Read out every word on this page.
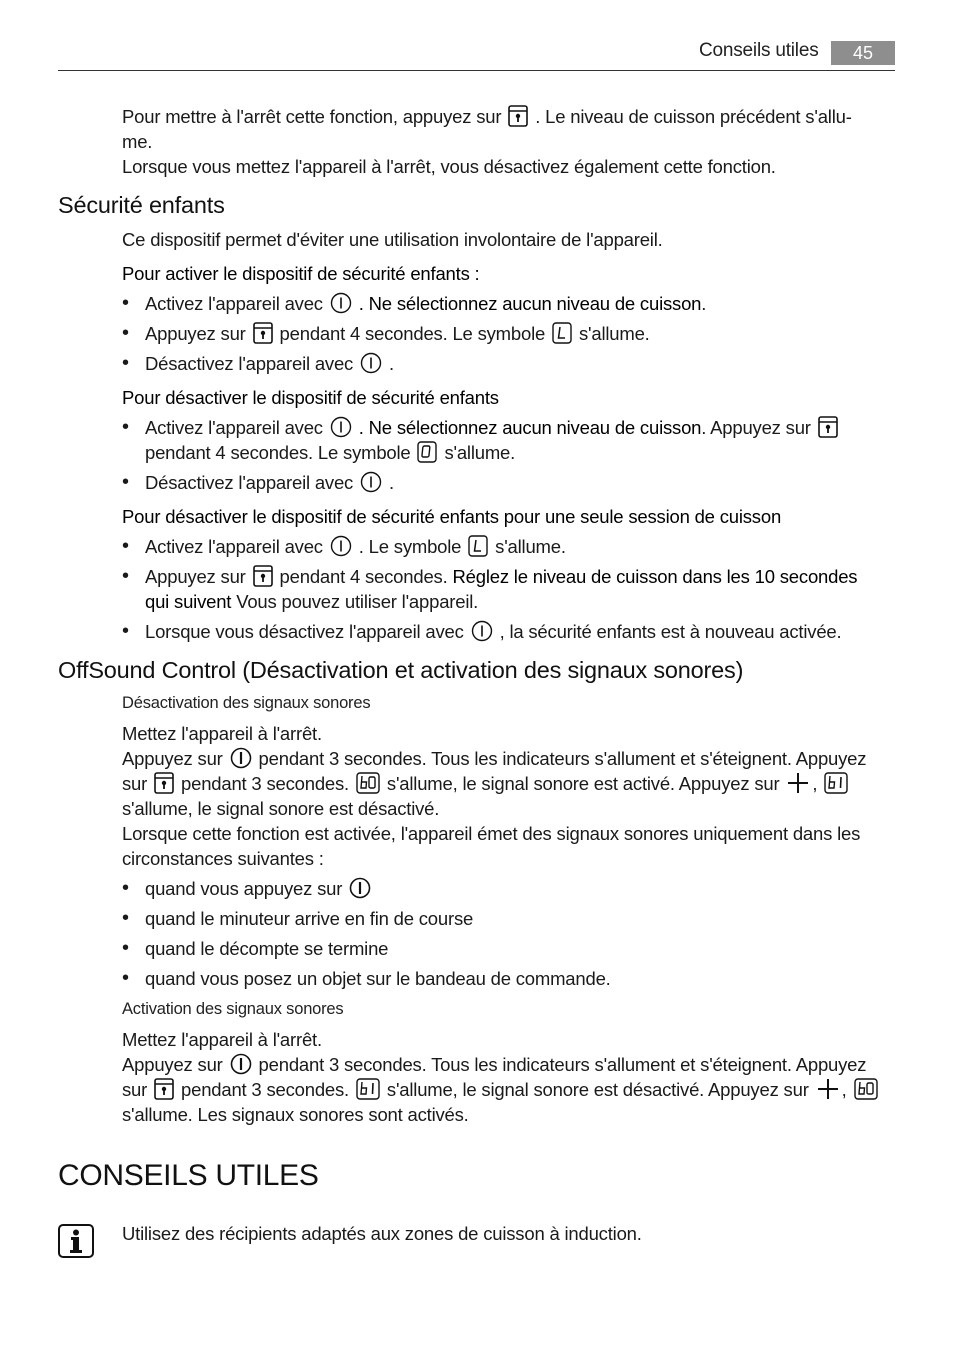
Conseils utiles	45
Pour mettre à l'arrêt cette fonction, appuyez sur . Le niveau de cuisson précédent s'allu-
me.
Lorsque vous mettez l'appareil à l'arrêt, vous désactivez également cette fonction.
Sécurité enfants
Ce dispositif permet d'éviter une utilisation involontaire de l'appareil.
Pour activer le dispositif de sécurité enfants :
• Activez l'appareil avec . Ne sélectionnez aucun niveau de cuisson.
• Appuyez sur pendant 4 secondes. Le symbole s'allume.
• Désactivez l'appareil avec .
Pour désactiver le dispositif de sécurité enfants
• Activez l'appareil avec . Ne sélectionnez aucun niveau de cuisson. Appuyez sur
pendant 4 secondes. Le symbole s'allume.
• Désactivez l'appareil avec .
Pour désactiver le dispositif de sécurité enfants pour une seule session de cuisson
• Activez l'appareil avec . Le symbole s'allume.
• Appuyez sur pendant 4 secondes. Réglez le niveau de cuisson dans les 10 secondes
qui suivent Vous pouvez utiliser l'appareil.
• Lorsque vous désactivez l'appareil avec , la sécurité enfants est à nouveau activée.
OffSound Control (Désactivation et activation des signaux sonores)
Désactivation des signaux sonores
Mettez l'appareil à l'arrêt.
Appuyez sur pendant 3 secondes. Tous les indicateurs s'allument et s'éteignent. Appuyez
sur pendant 3 secondes. s'allume, le signal sonore est activé. Appuyez sur ,
s'allume, le signal sonore est désactivé.
Lorsque cette fonction est activée, l'appareil émet des signaux sonores uniquement dans les
circonstances suivantes :
• quand vous appuyez sur
• quand le minuteur arrive en fin de course
• quand le décompte se termine
• quand vous posez un objet sur le bandeau de commande.
Activation des signaux sonores
Mettez l'appareil à l'arrêt.
Appuyez sur pendant 3 secondes. Tous les indicateurs s'allument et s'éteignent. Appuyez
sur pendant 3 secondes. s'allume, le signal sonore est désactivé. Appuyez sur ,
s'allume. Les signaux sonores sont activés.
CONSEILS UTILES
Utilisez des récipients adaptés aux zones de cuisson à induction.
